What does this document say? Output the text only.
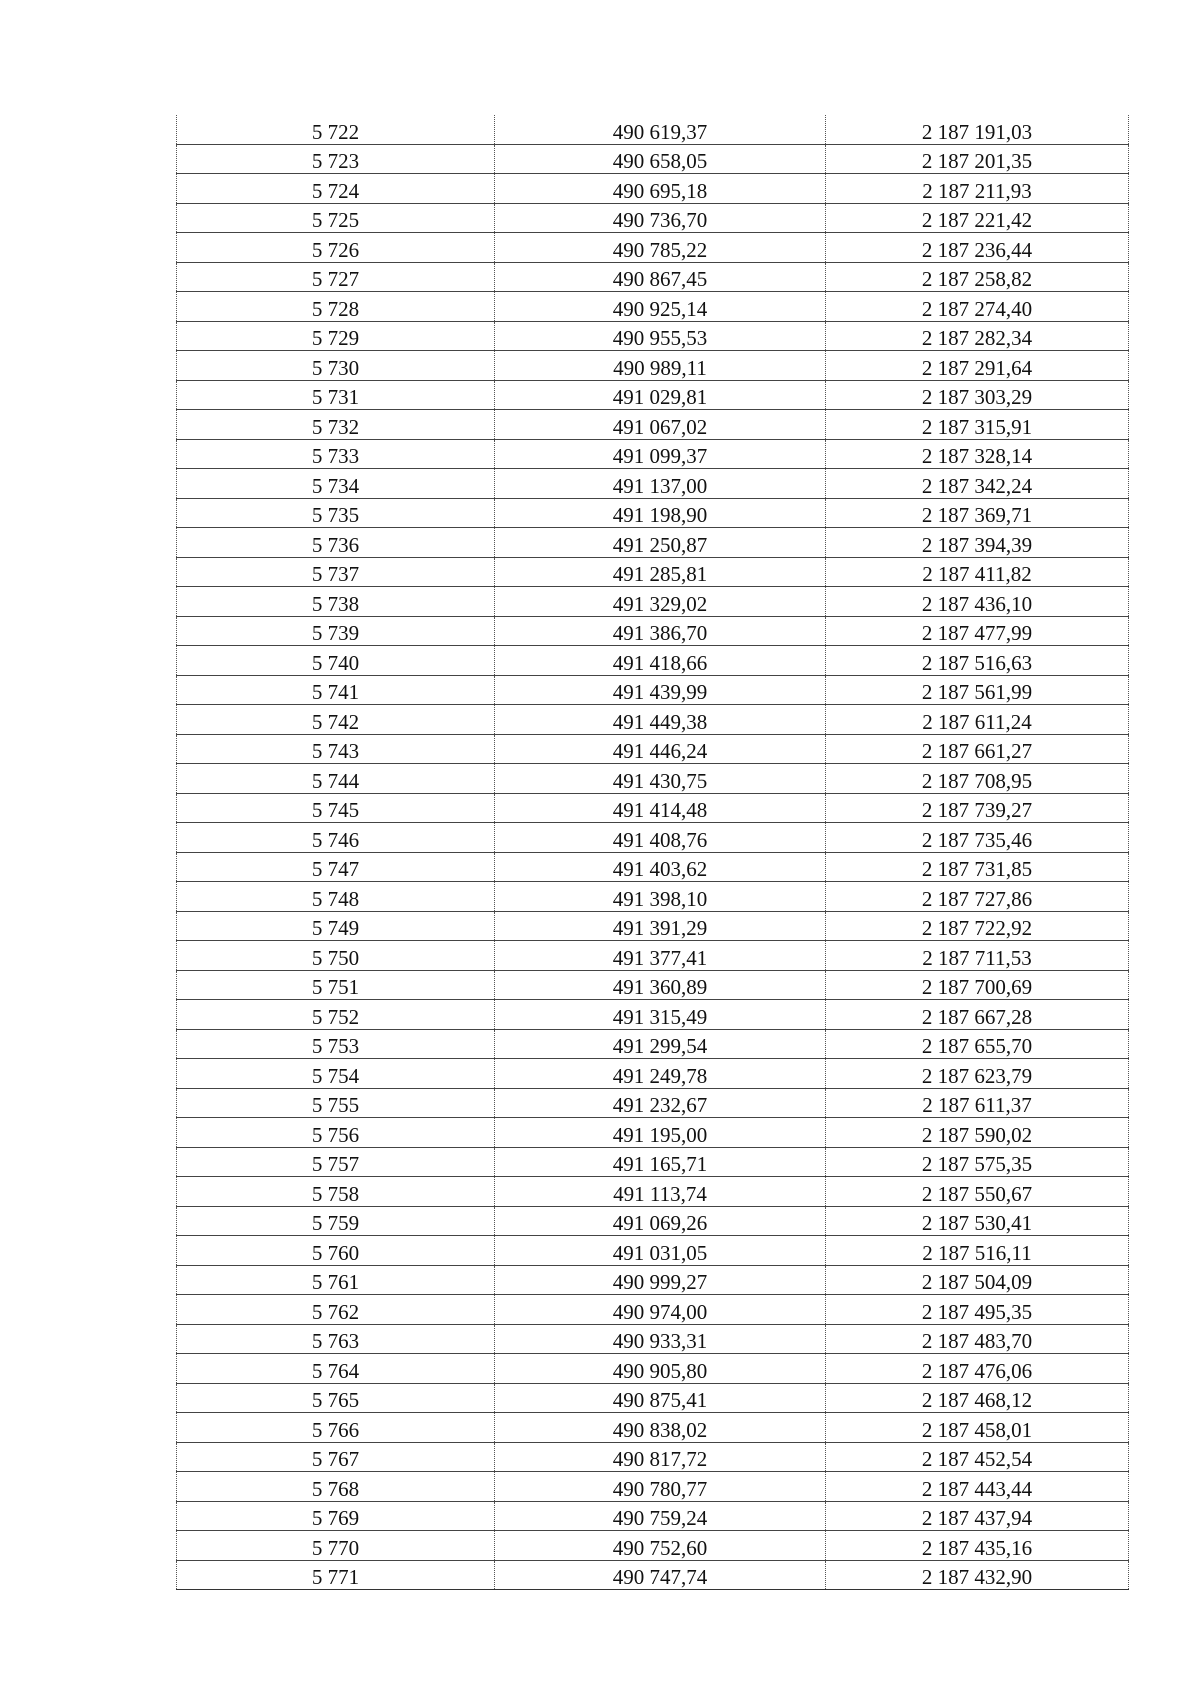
5 722	490 619,37	2 187 191,03
5 723	490 658,05	2 187 201,35
5 724	490 695,18	2 187 211,93
5 725	490 736,70	2 187 221,42
5 726	490 785,22	2 187 236,44
5 727	490 867,45	2 187 258,82
5 728	490 925,14	2 187 274,40
5 729	490 955,53	2 187 282,34
5 730	490 989,11	2 187 291,64
5 731	491 029,81	2 187 303,29
5 732	491 067,02	2 187 315,91
5 733	491 099,37	2 187 328,14
5 734	491 137,00	2 187 342,24
5 735	491 198,90	2 187 369,71
5 736	491 250,87	2 187 394,39
5 737	491 285,81	2 187 411,82
5 738	491 329,02	2 187 436,10
5 739	491 386,70	2 187 477,99
5 740	491 418,66	2 187 516,63
5 741	491 439,99	2 187 561,99
5 742	491 449,38	2 187 611,24
5 743	491 446,24	2 187 661,27
5 744	491 430,75	2 187 708,95
5 745	491 414,48	2 187 739,27
5 746	491 408,76	2 187 735,46
5 747	491 403,62	2 187 731,85
5 748	491 398,10	2 187 727,86
5 749	491 391,29	2 187 722,92
5 750	491 377,41	2 187 711,53
5 751	491 360,89	2 187 700,69
5 752	491 315,49	2 187 667,28
5 753	491 299,54	2 187 655,70
5 754	491 249,78	2 187 623,79
5 755	491 232,67	2 187 611,37
5 756	491 195,00	2 187 590,02
5 757	491 165,71	2 187 575,35
5 758	491 113,74	2 187 550,67
5 759	491 069,26	2 187 530,41
5 760	491 031,05	2 187 516,11
5 761	490 999,27	2 187 504,09
5 762	490 974,00	2 187 495,35
5 763	490 933,31	2 187 483,70
5 764	490 905,80	2 187 476,06
5 765	490 875,41	2 187 468,12
5 766	490 838,02	2 187 458,01
5 767	490 817,72	2 187 452,54
5 768	490 780,77	2 187 443,44
5 769	490 759,24	2 187 437,94
5 770	490 752,60	2 187 435,16
5 771	490 747,74	2 187 432,90
